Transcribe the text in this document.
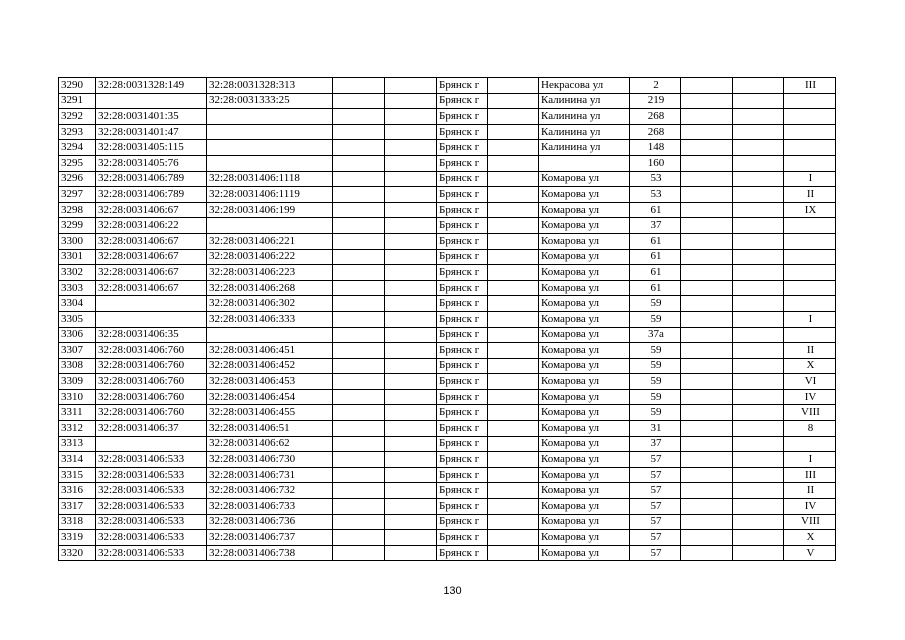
3290	32:28:0031328:149	32:28:0031328:313			Брянск г		Некрасова ул	2			III
3291		32:28:0031333:25			Брянск г		Калинина ул	219			
3292	32:28:0031401:35				Брянск г		Калинина ул	268			
3293	32:28:0031401:47				Брянск г		Калинина ул	268			
3294	32:28:0031405:115				Брянск г		Калинина ул	148			
3295	32:28:0031405:76				Брянск г			160			
3296	32:28:0031406:789	32:28:0031406:1118			Брянск г		Комарова ул	53			I
3297	32:28:0031406:789	32:28:0031406:1119			Брянск г		Комарова ул	53			II
3298	32:28:0031406:67	32:28:0031406:199			Брянск г		Комарова ул	61			IX
3299	32:28:0031406:22				Брянск г		Комарова ул	37			
3300	32:28:0031406:67	32:28:0031406:221			Брянск г		Комарова ул	61			
3301	32:28:0031406:67	32:28:0031406:222			Брянск г		Комарова ул	61			
3302	32:28:0031406:67	32:28:0031406:223			Брянск г		Комарова ул	61			
3303	32:28:0031406:67	32:28:0031406:268			Брянск г		Комарова ул	61			
3304		32:28:0031406:302			Брянск г		Комарова ул	59			
3305		32:28:0031406:333			Брянск г		Комарова ул	59			I
3306	32:28:0031406:35				Брянск г		Комарова ул	37а			
3307	32:28:0031406:760	32:28:0031406:451			Брянск г		Комарова ул	59			II
3308	32:28:0031406:760	32:28:0031406:452			Брянск г		Комарова ул	59			X
3309	32:28:0031406:760	32:28:0031406:453			Брянск г		Комарова ул	59			VI
3310	32:28:0031406:760	32:28:0031406:454			Брянск г		Комарова ул	59			IV
3311	32:28:0031406:760	32:28:0031406:455			Брянск г		Комарова ул	59			VIII
3312	32:28:0031406:37	32:28:0031406:51			Брянск г		Комарова ул	31			8
3313		32:28:0031406:62			Брянск г		Комарова ул	37			
3314	32:28:0031406:533	32:28:0031406:730			Брянск г		Комарова ул	57			I
3315	32:28:0031406:533	32:28:0031406:731			Брянск г		Комарова ул	57			III
3316	32:28:0031406:533	32:28:0031406:732			Брянск г		Комарова ул	57			II
3317	32:28:0031406:533	32:28:0031406:733			Брянск г		Комарова ул	57			IV
3318	32:28:0031406:533	32:28:0031406:736			Брянск г		Комарова ул	57			VIII
3319	32:28:0031406:533	32:28:0031406:737			Брянск г		Комарова ул	57			X
3320	32:28:0031406:533	32:28:0031406:738			Брянск г		Комарова ул	57			V
130
